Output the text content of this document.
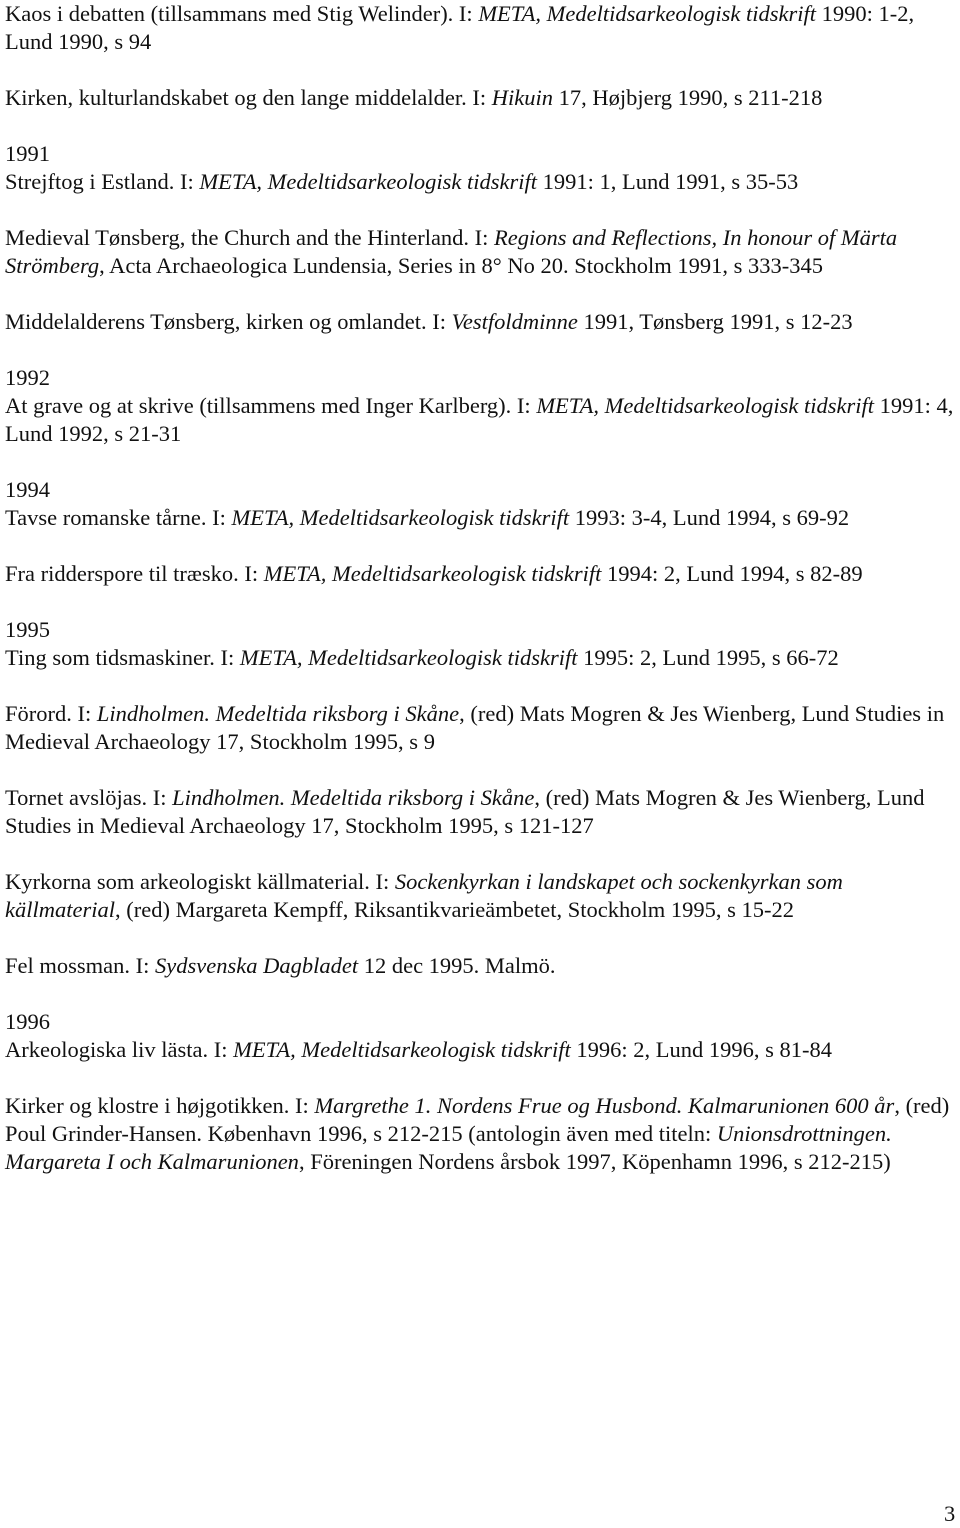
Kaos i debatten (tillsammans med Stig Welinder). I: META, Medeltidsarkeologisk tidskrift 1990: 1-2, Lund 1990, s 94
Kirken, kulturlandskabet og den lange middelalder. I: Hikuin 17, Højbjerg 1990, s 211-218
1991
Strejftog i Estland. I: META, Medeltidsarkeologisk tidskrift 1991: 1, Lund 1991, s 35-53
Medieval Tønsberg, the Church and the Hinterland. I: Regions and Reflections, In honour of Märta Strömberg, Acta Archaeologica Lundensia, Series in 8° No 20. Stockholm 1991, s 333-345
Middelalderens Tønsberg, kirken og omlandet. I: Vestfoldminne 1991, Tønsberg 1991, s 12-23
1992
At grave og at skrive (tillsammens med Inger Karlberg). I: META, Medeltidsarkeologisk tidskrift 1991: 4, Lund 1992, s 21-31
1994
Tavse romanske tårne. I: META, Medeltidsarkeologisk tidskrift 1993: 3-4, Lund 1994, s 69-92
Fra ridderspore til træsko. I: META, Medeltidsarkeologisk tidskrift 1994: 2, Lund 1994, s 82-89
1995
Ting som tidsmaskiner. I: META, Medeltidsarkeologisk tidskrift 1995: 2, Lund 1995, s 66-72
Förord. I: Lindholmen. Medeltida riksborg i Skåne, (red) Mats Mogren & Jes Wienberg, Lund Studies in Medieval Archaeology 17, Stockholm 1995, s 9
Tornet avslöjas. I: Lindholmen. Medeltida riksborg i Skåne, (red) Mats Mogren & Jes Wienberg, Lund Studies in Medieval Archaeology 17, Stockholm 1995, s 121-127
Kyrkorna som arkeologiskt källmaterial. I: Sockenkyrkan i landskapet och sockenkyrkan som källmaterial, (red) Margareta Kempff, Riksantikvarieämbetet, Stockholm 1995, s 15-22
Fel mossman. I: Sydsvenska Dagbladet 12 dec 1995. Malmö.
1996
Arkeologiska liv lästa. I: META, Medeltidsarkeologisk tidskrift 1996: 2, Lund 1996, s 81-84
Kirker og klostre i højgotikken. I: Margrethe 1. Nordens Frue og Husbond. Kalmarunionen 600 år, (red) Poul Grinder-Hansen. København 1996, s 212-215 (antologin även med titeln: Unionsdrottningen. Margareta I och Kalmarunionen, Föreningen Nordens årsbok 1997, Köpenhamn 1996, s 212-215)
3
